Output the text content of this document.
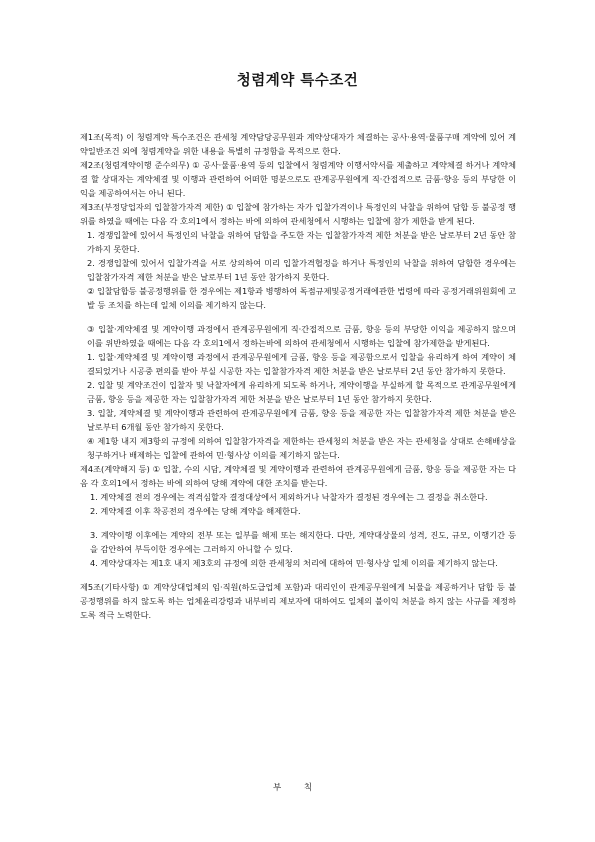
청렴계약 특수조건

제1조(목적) 이 청렴계약 특수조건은 관세청 계약담당공무원과 계약상대자가 체결하는 공사·용역·물품구매 계약에 있어 계약일반조건 외에 청렴계약을 위한 내용을 특별히 규정함을 목적으로 한다.

제2조(청렴계약이행 준수의무) ① 공사·물품·용역 등의 입찰에서 청렴계약 이행서약서를 제출하고 계약체결 하거나 계약체결 할 상대자는 계약체결 및 이행과 관련하여 어떠한 명분으로도 관계공무원에게 직·간접적으로 금품·향응 등의 부당한 이익을 제공하여서는 아니 된다.

제3조(부정당업자의 입찰참가자격 제한) ① 입찰에 참가하는 자가 입찰가격이나 특정인의 낙찰을 위하여 담합 등 불공정 행위를 하였을 때에는 다음 각 호의1에서 정하는 바에 의하여 관세청에서 시행하는 입찰에 참가 제한을 받게 된다.

1. 경쟁입찰에 있어서 특정인의 낙찰을 위하여 담합을 주도한 자는 입찰참가자격 제한 처분을 받은 날로부터 2년 동안 참가하지 못한다.

2. 경쟁입찰에 있어서 입찰가격을 서로 상의하여 미리 입찰가격협정을 하거나 특정인의 낙찰을 위하여 담합한 경우에는 입찰참가자격 제한 처분을 받은 날로부터 1년 동안 참가하지 못한다.

② 입찰담합등 불공정행위를 한 경우에는 제1항과 병행하여 독점규제및공정거래에관한 법령에 따라 공정거래위원회에 고발 등 조치를 하는데 일체 이의를 제기하지 않는다.

③ 입찰·계약체결 및 계약이행 과정에서 관계공무원에게 직·간접적으로 금품, 향응 등의 부당한 이익을 제공하지 않으며 이를 위반하였을 때에는 다음 각 호의1에서 정하는바에 의하여 관세청에서 시행하는 입찰에 참가제한을 받게된다.

1. 입찰·계약체결 및 계약이행 과정에서 관계공무원에게 금품, 향응 등을 제공함으로서 입찰을 유리하게 하여 계약이 체결되었거나 시공중 편의를 받아 부실 시공한 자는 입찰참가자격 제한 처분을 받은 날로부터 2년 동안 참가하지 못한다.

2. 입찰 및 계약조건이 입찰자 및 낙찰자에게 유리하게 되도록 하거나, 계약이행을 부실하게 할 목적으로 관계공무원에게 금품, 향응 등을 제공한 자는 입찰참가자격 제한 처분을 받은 날로부터 1년 동안 참가하지 못한다.

3. 입찰, 계약체결 및 계약이행과 관련하여 관계공무원에게 금품, 향응 등을 제공한 자는 입찰참가자격 제한 처분을 받은 날로부터 6개월 동안 참가하지 못한다.

④ 제1항 내지 제3항의 규정에 의하여 입찰참가자격을 제한하는 관세청의 처분을 받은 자는 관세청을 상대로 손해배상을 청구하거나 배제하는 입찰에 관하여 민·형사상 이의를 제기하지 않는다.

제4조(계약해지 등) ① 입찰, 수의 시담, 계약체결 및 계약이행과 관련하여 관계공무원에게 금품, 향응 등을 제공한 자는 다음 각 호의1에서 정하는 바에 의하여 당해 계약에 대한 조치를 받는다.

1. 계약체결 전의 경우에는 적격심할자 결정대상에서 제외하거나 낙찰자가 결정된 경우에는 그 결정을 취소한다.

2. 계약체결 이후 착공전의 경우에는 당해 계약을 해제한다.

3. 계약이행 이후에는 계약의 전부 또는 일부를 해제 또는 해지한다. 다만, 계약대상물의 성격, 진도, 규모, 이행기간 등을 감안하여 부득이한 경우에는 그러하지 아니할 수 있다.

4. 계약상대자는 제1호 내지 제3호의 규정에 의한 관세청의 처리에 대하여 민·형사상 일체 이의를 제기하지 않는다.

제5조(기타사항) ① 계약상대업체의 임·직원(하도급업체 포함)과 대리인이 관계공무원에게 뇌물을 제공하거나 담합 등 불공정행위를 하지 않도록 하는 업체윤리강령과 내부비리 제보자에 대하여도 일체의 불이익 처분을 하지 않는 사규를 제정하도록 적극 노력한다.

부 칙
